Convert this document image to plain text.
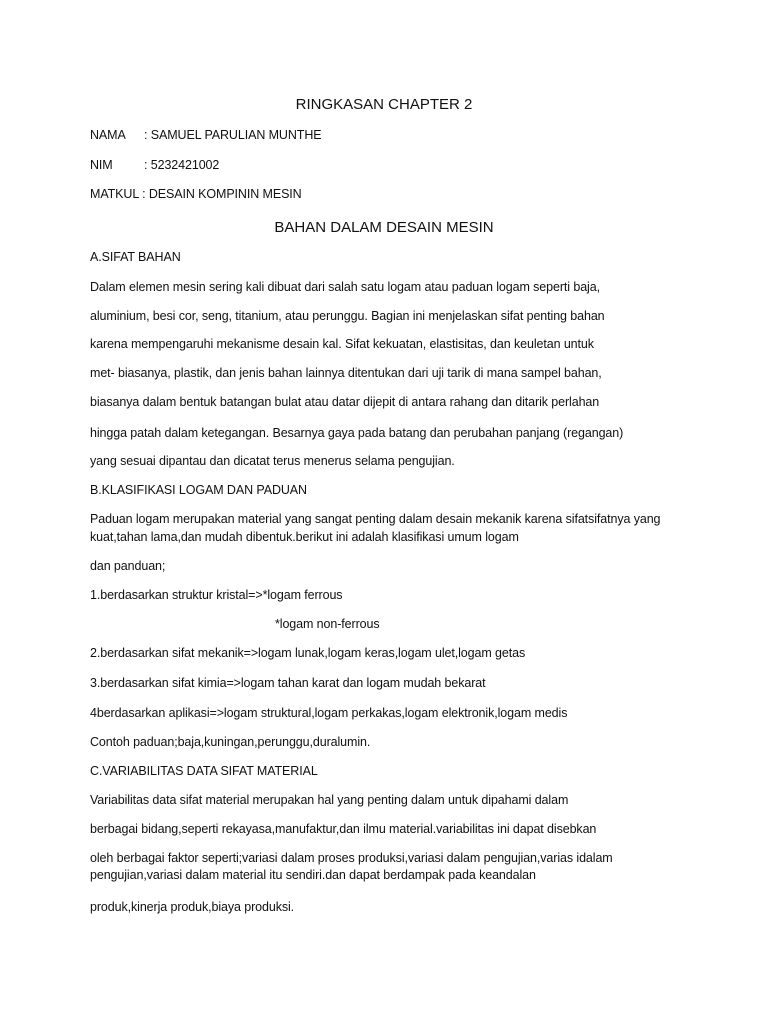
RINGKASAN CHAPTER 2
NAMA : SAMUEL PARULIAN MUNTHE
NIM	: 5232421002
MATKUL : DESAIN KOMPININ MESIN
BAHAN DALAM DESAIN MESIN
A.SIFAT BAHAN
Dalam elemen mesin sering kali dibuat dari salah satu logam atau paduan logam seperti baja,
aluminium, besi cor, seng, titanium, atau perunggu. Bagian ini menjelaskan sifat penting bahan
karena mempengaruhi mekanisme desain kal. Sifat kekuatan, elastisitas, dan keuletan untuk
met- biasanya, plastik, dan jenis bahan lainnya ditentukan dari uji tarik di mana sampel bahan,
biasanya dalam bentuk batangan bulat atau datar dijepit di antara rahang dan ditarik perlahan
hingga patah dalam ketegangan. Besarnya gaya pada batang dan perubahan panjang (regangan)
yang sesuai dipantau dan dicatat terus menerus selama pengujian.
B.KLASIFIKASI LOGAM DAN PADUAN
Paduan logam merupakan material yang sangat penting dalam desain mekanik karena sifatsifatnya yang
kuat,tahan lama,dan mudah dibentuk.berikut ini adalah klasifikasi umum logam
dan panduan;
1.berdasarkan struktur kristal=>*logam ferrous
*logam non-ferrous
2.berdasarkan sifat mekanik=>logam lunak,logam keras,logam ulet,logam getas
3.berdasarkan sifat kimia=>logam tahan karat dan logam mudah bekarat
4berdasarkan aplikasi=>logam struktural,logam perkakas,logam elektronik,logam medis
Contoh paduan;baja,kuningan,perunggu,duralumin.
C.VARIABILITAS DATA SIFAT MATERIAL
Variabilitas data sifat material merupakan hal yang penting dalam untuk dipahami dalam
berbagai bidang,seperti rekayasa,manufaktur,dan ilmu material.variabilitas ini dapat disebkan
oleh berbagai faktor seperti;variasi dalam proses produksi,variasi dalam pengujian,varias idalam
pengujian,variasi dalam material itu sendiri.dan dapat berdampak pada keandalan
produk,kinerja produk,biaya produksi.
